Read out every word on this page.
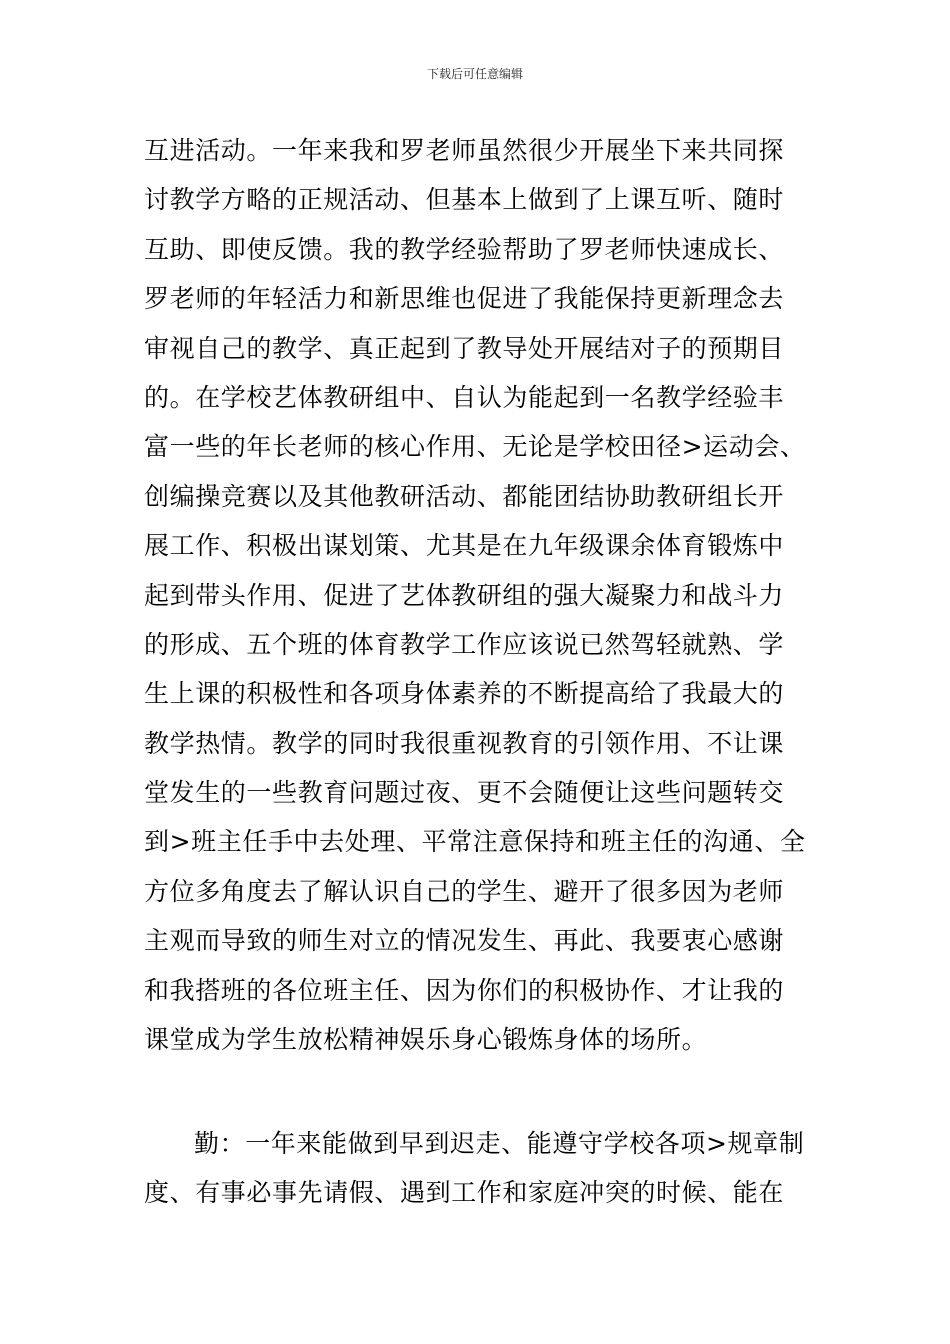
下载后可任意编辑
互进活动。一年来我和罗老师虽然很少开展坐下来共同探
讨教学方略的正规活动、但基本上做到了上课互听、随时
互助、即使反馈。我的教学经验帮助了罗老师快速成长、
罗老师的年轻活力和新思维也促进了我能保持更新理念去
审视自己的教学、真正起到了教导处开展结对子的预期目
的。在学校艺体教研组中、自认为能起到一名教学经验丰
富一些的年长老师的核心作用、无论是学校田径>运动会、
创编操竞赛以及其他教研活动、都能团结协助教研组长开
展工作、积极出谋划策、尤其是在九年级课余体育锻炼中
起到带头作用、促进了艺体教研组的强大凝聚力和战斗力
的形成、五个班的体育教学工作应该说已然驾轻就熟、学
生上课的积极性和各项身体素养的不断提高给了我最大的
教学热情。教学的同时我很重视教育的引领作用、不让课
堂发生的一些教育问题过夜、更不会随便让这些问题转交
到>班主任手中去处理、平常注意保持和班主任的沟通、全
方位多角度去了解认识自己的学生、避开了很多因为老师
主观而导致的师生对立的情况发生、再此、我要衷心感谢
和我搭班的各位班主任、因为你们的积极协作、才让我的
课堂成为学生放松精神娱乐身心锻炼身体的场所。
勤：一年来能做到早到迟走、能遵守学校各项>规章制
度、有事必事先请假、遇到工作和家庭冲突的时候、能在
